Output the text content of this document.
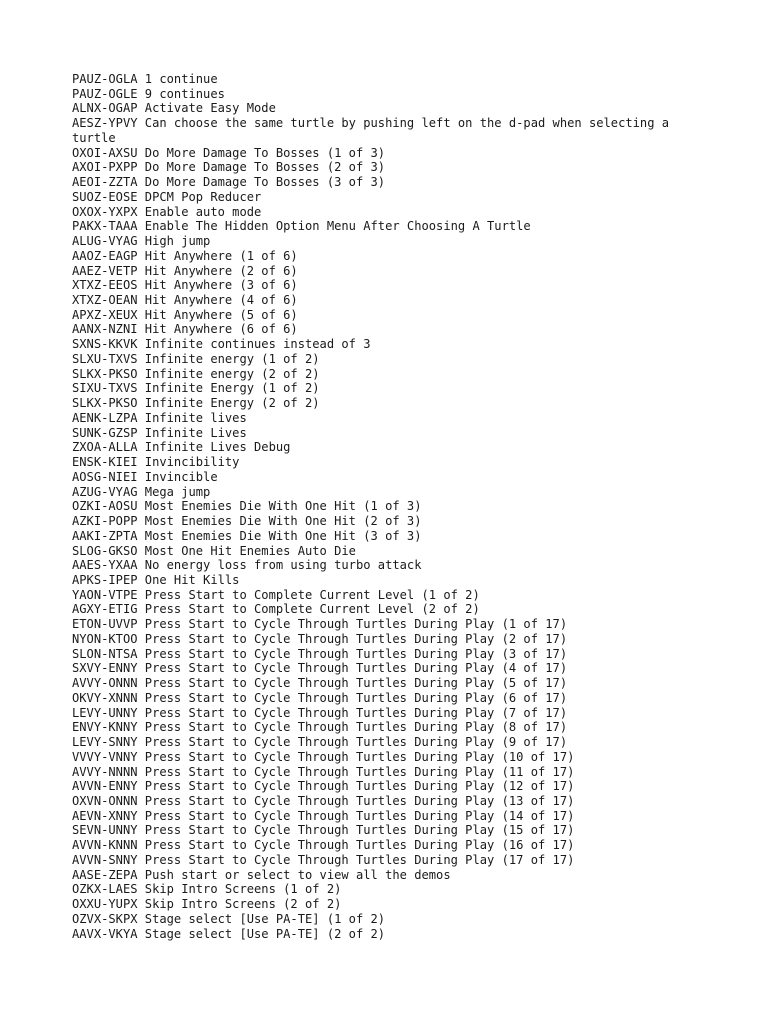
PAUZ-OGLA 1 continue
PAUZ-OGLE 9 continues
ALNX-OGAP Activate Easy Mode
AESZ-YPVY Can choose the same turtle by pushing left on the d-pad when selecting a turtle
OXOI-AXSU Do More Damage To Bosses (1 of 3)
AXOI-PXPP Do More Damage To Bosses (2 of 3)
AEOI-ZZTA Do More Damage To Bosses (3 of 3)
SUOZ-EOSE DPCM Pop Reducer
OXOX-YXPX Enable auto mode
PAKX-TAAA Enable The Hidden Option Menu After Choosing A Turtle
ALUG-VYAG High jump
AAOZ-EAGP Hit Anywhere (1 of 6)
AAEZ-VETP Hit Anywhere (2 of 6)
XTXZ-EEOS Hit Anywhere (3 of 6)
XTXZ-OEAN Hit Anywhere (4 of 6)
APXZ-XEUX Hit Anywhere (5 of 6)
AANX-NZNI Hit Anywhere (6 of 6)
SXNS-KKVK Infinite continues instead of 3
SLXU-TXVS Infinite energy (1 of 2)
SLKX-PKSO Infinite energy (2 of 2)
SIXU-TXVS Infinite Energy (1 of 2)
SLKX-PKSO Infinite Energy (2 of 2)
AENK-LZPA Infinite lives
SUNK-GZSP Infinite Lives
ZXOA-ALLA Infinite Lives Debug
ENSK-KIEI Invincibility
AOSG-NIEI Invincible
AZUG-VYAG Mega jump
OZKI-AOSU Most Enemies Die With One Hit (1 of 3)
AZKI-POPP Most Enemies Die With One Hit (2 of 3)
AAKI-ZPTA Most Enemies Die With One Hit (3 of 3)
SLOG-GKSO Most One Hit Enemies Auto Die
AAES-YXAA No energy loss from using turbo attack
APKS-IPEP One Hit Kills
YAON-VTPE Press Start to Complete Current Level (1 of 2)
AGXY-ETIG Press Start to Complete Current Level (2 of 2)
ETON-UVVP Press Start to Cycle Through Turtles During Play (1 of 17)
NYON-KTOO Press Start to Cycle Through Turtles During Play (2 of 17)
SLON-NTSA Press Start to Cycle Through Turtles During Play (3 of 17)
SXVY-ENNY Press Start to Cycle Through Turtles During Play (4 of 17)
AVVY-ONNN Press Start to Cycle Through Turtles During Play (5 of 17)
OKVY-XNNN Press Start to Cycle Through Turtles During Play (6 of 17)
LEVY-UNNY Press Start to Cycle Through Turtles During Play (7 of 17)
ENVY-KNNY Press Start to Cycle Through Turtles During Play (8 of 17)
LEVY-SNNY Press Start to Cycle Through Turtles During Play (9 of 17)
VVVY-VNNY Press Start to Cycle Through Turtles During Play (10 of 17)
AVVY-NNNN Press Start to Cycle Through Turtles During Play (11 of 17)
AVVN-ENNY Press Start to Cycle Through Turtles During Play (12 of 17)
OXVN-ONNN Press Start to Cycle Through Turtles During Play (13 of 17)
AEVN-XNNY Press Start to Cycle Through Turtles During Play (14 of 17)
SEVN-UNNY Press Start to Cycle Through Turtles During Play (15 of 17)
AVVN-KNNN Press Start to Cycle Through Turtles During Play (16 of 17)
AVVN-SNNY Press Start to Cycle Through Turtles During Play (17 of 17)
AASE-ZEPA Push start or select to view all the demos
OZKX-LAES Skip Intro Screens (1 of 2)
OXXU-YUPX Skip Intro Screens (2 of 2)
OZVX-SKPX Stage select [Use PA-TE] (1 of 2)
AAVX-VKYA Stage select [Use PA-TE] (2 of 2)
